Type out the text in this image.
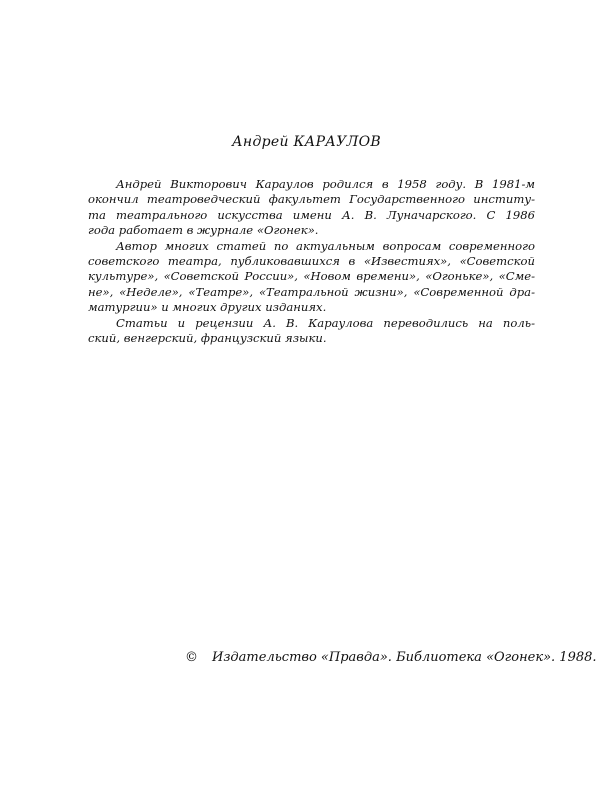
Андрей КАРАУЛОВ
Андрей Викторович Караулов родился в 1958 году. В 1981-м
окончил театроведческий факультет Государственного институ-
та театрального искусства имени А. В. Луначарского. С 1986
года работает в журнале «Огонек».
Автор многих статей по актуальным вопросам современного
советского театра, публиковавшихся в «Известиях», «Советской
культуре», «Советской России», «Новом времени», «Огоньке», «Сме-
не», «Неделе», «Театре», «Театральной жизни», «Современной дра-
матургии» и многих других изданиях.
Статьи и рецензии А. В. Караулова переводились на поль-
ский, венгерский, французский языки.
© Издательство «Правда». Библиотека «Огонек». 1988.
